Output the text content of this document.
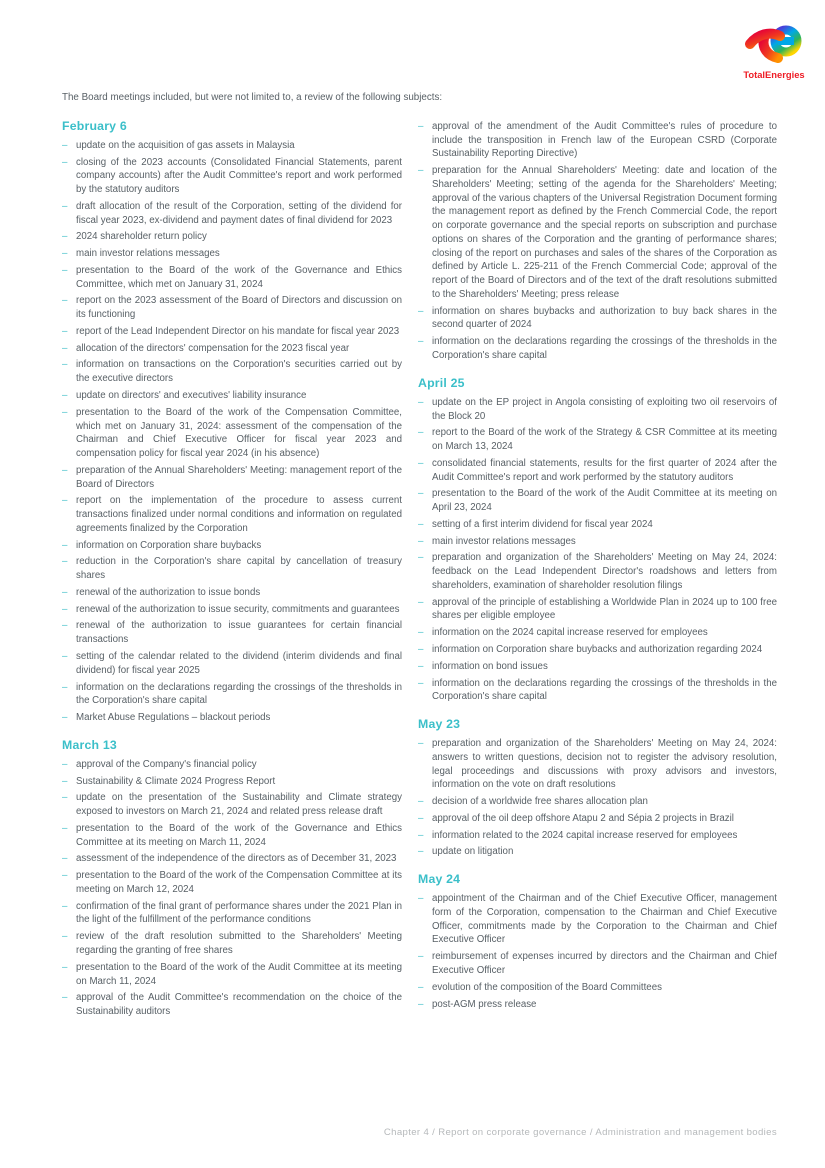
TotalEnergies
The Board meetings included, but were not limited to, a review of the following subjects:
February 6
– update on the acquisition of gas assets in Malaysia
– closing of the 2023 accounts (Consolidated Financial Statements, parent company accounts) after the Audit Committee's report and work performed by the statutory auditors
– draft allocation of the result of the Corporation, setting of the dividend for fiscal year 2023, ex-dividend and payment dates of final dividend for 2023
– 2024 shareholder return policy
– main investor relations messages
– presentation to the Board of the work of the Governance and Ethics Committee, which met on January 31, 2024
– report on the 2023 assessment of the Board of Directors and discussion on its functioning
– report of the Lead Independent Director on his mandate for fiscal year 2023
– allocation of the directors' compensation for the 2023 fiscal year
– information on transactions on the Corporation's securities carried out by the executive directors
– update on directors' and executives' liability insurance
– presentation to the Board of the work of the Compensation Committee, which met on January 31, 2024: assessment of the compensation of the Chairman and Chief Executive Officer for fiscal year 2023 and compensation policy for fiscal year 2024 (in his absence)
– preparation of the Annual Shareholders' Meeting: management report of the Board of Directors
– report on the implementation of the procedure to assess current transactions finalized under normal conditions and information on regulated agreements finalized by the Corporation
– information on Corporation share buybacks
– reduction in the Corporation's share capital by cancellation of treasury shares
– renewal of the authorization to issue bonds
– renewal of the authorization to issue security, commitments and guarantees
– renewal of the authorization to issue guarantees for certain financial transactions
– setting of the calendar related to the dividend (interim dividends and final dividend) for fiscal year 2025
– information on the declarations regarding the crossings of the thresholds in the Corporation's share capital
– Market Abuse Regulations – blackout periods
March 13
– approval of the Company's financial policy
– Sustainability & Climate 2024 Progress Report
– update on the presentation of the Sustainability and Climate strategy exposed to investors on March 21, 2024 and related press release draft
– presentation to the Board of the work of the Governance and Ethics Committee at its meeting on March 11, 2024
– assessment of the independence of the directors as of December 31, 2023
– presentation to the Board of the work of the Compensation Committee at its meeting on March 12, 2024
– confirmation of the final grant of performance shares under the 2021 Plan in the light of the fulfillment of the performance conditions
– review of the draft resolution submitted to the Shareholders' Meeting regarding the granting of free shares
– presentation to the Board of the work of the Audit Committee at its meeting on March 11, 2024
– approval of the Audit Committee's recommendation on the choice of the Sustainability auditors
– approval of the amendment of the Audit Committee's rules of procedure to include the transposition in French law of the European CSRD (Corporate Sustainability Reporting Directive)
– preparation for the Annual Shareholders' Meeting: date and location of the Shareholders' Meeting; setting of the agenda for the Shareholders' Meeting; approval of the various chapters of the Universal Registration Document forming the management report as defined by the French Commercial Code, the report on corporate governance and the special reports on subscription and purchase options on shares of the Corporation and the granting of performance shares; closing of the report on purchases and sales of the shares of the Corporation as defined by Article L. 225-211 of the French Commercial Code; approval of the report of the Board of Directors and of the text of the draft resolutions submitted to the Shareholders' Meeting; press release
– information on shares buybacks and authorization to buy back shares in the second quarter of 2024
– information on the declarations regarding the crossings of the thresholds in the Corporation's share capital
April 25
– update on the EP project in Angola consisting of exploiting two oil reservoirs of the Block 20
– report to the Board of the work of the Strategy & CSR Committee at its meeting on March 13, 2024
– consolidated financial statements, results for the first quarter of 2024 after the Audit Committee's report and work performed by the statutory auditors
– presentation to the Board of the work of the Audit Committee at its meeting on April 23, 2024
– setting of a first interim dividend for fiscal year 2024
– main investor relations messages
– preparation and organization of the Shareholders' Meeting on May 24, 2024: feedback on the Lead Independent Director's roadshows and letters from shareholders, examination of shareholder resolution filings
– approval of the principle of establishing a Worldwide Plan in 2024 up to 100 free shares per eligible employee
– information on the 2024 capital increase reserved for employees
– information on Corporation share buybacks and authorization regarding 2024
– information on bond issues
– information on the declarations regarding the crossings of the thresholds in the Corporation's share capital
May 23
– preparation and organization of the Shareholders' Meeting on May 24, 2024: answers to written questions, decision not to register the advisory resolution, legal proceedings and discussions with proxy advisors and investors, information on the vote on draft resolutions
– decision of a worldwide free shares allocation plan
– approval of the oil deep offshore Atapu 2 and Sépia 2 projects in Brazil
– information related to the 2024 capital increase reserved for employees
– update on litigation
May 24
– appointment of the Chairman and of the Chief Executive Officer, management form of the Corporation, compensation to the Chairman and Chief Executive Officer, commitments made by the Corporation to the Chairman and Chief Executive Officer
– reimbursement of expenses incurred by directors and the Chairman and Chief Executive Officer
– evolution of the composition of the Board Committees
– post-AGM press release
Chapter 4 / Report on corporate governance / Administration and management bodies
